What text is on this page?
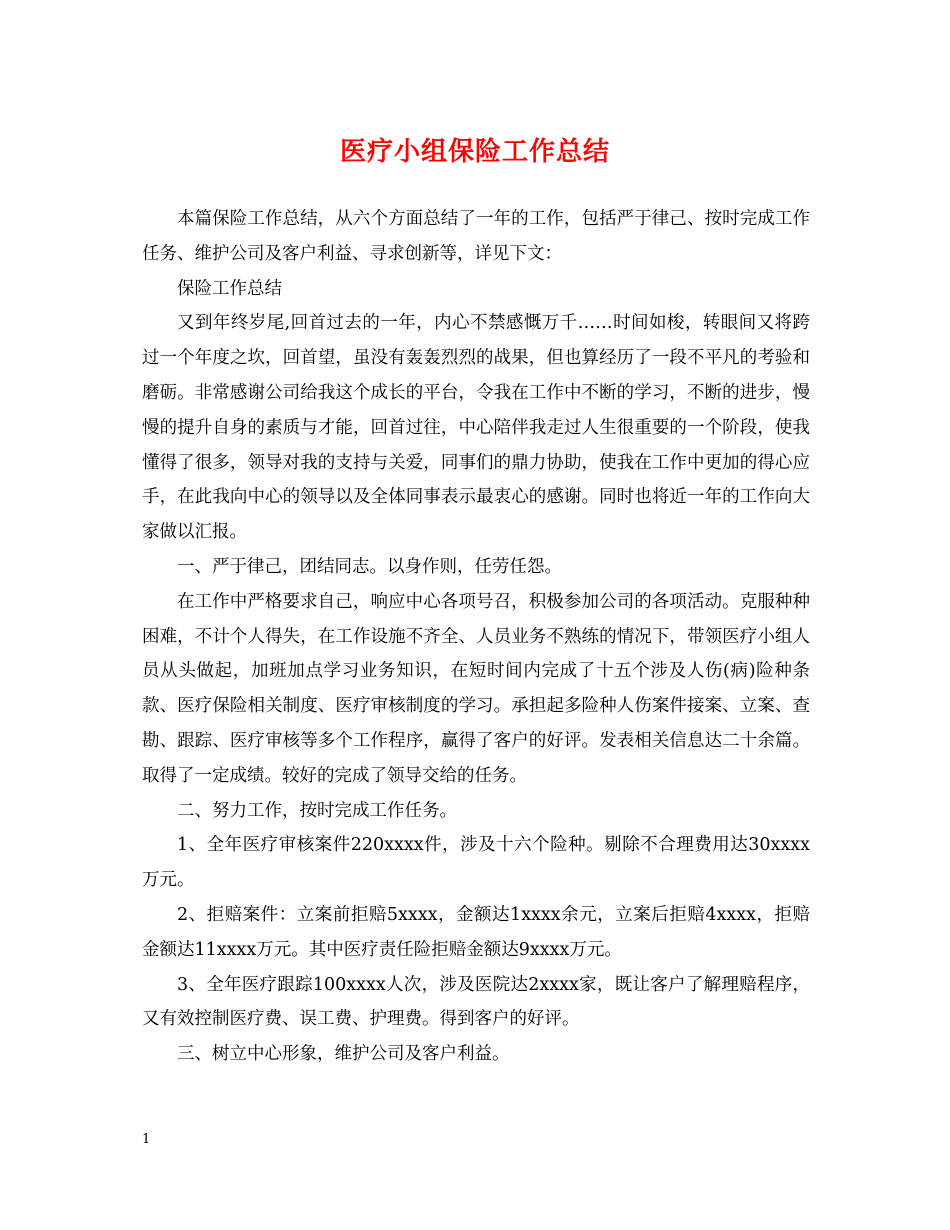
医疗小组保险工作总结

本篇保险工作总结，从六个方面总结了一年的工作，包括严于律己、按时完成工作任务、维护公司及客户利益、寻求创新等，详见下文：

保险工作总结

又到年终岁尾,回首过去的一年，内心不禁感慨万千……时间如梭，转眼间又将跨过一个年度之坎，回首望，虽没有轰轰烈烈的战果，但也算经历了一段不平凡的考验和磨砺。非常感谢公司给我这个成长的平台，令我在工作中不断的学习，不断的进步，慢慢的提升自身的素质与才能，回首过往，中心陪伴我走过人生很重要的一个阶段，使我懂得了很多，领导对我的支持与关爱，同事们的鼎力协助，使我在工作中更加的得心应手，在此我向中心的领导以及全体同事表示最衷心的感谢。同时也将近一年的工作向大家做以汇报。

一、严于律己，团结同志。以身作则，任劳任怨。

在工作中严格要求自己，响应中心各项号召，积极参加公司的各项活动。克服种种困难，不计个人得失，在工作设施不齐全、人员业务不熟练的情况下，带领医疗小组人员从头做起，加班加点学习业务知识，在短时间内完成了十五个涉及人伤(病)险种条款、医疗保险相关制度、医疗审核制度的学习。承担起多险种人伤案件接案、立案、查勘、跟踪、医疗审核等多个工作程序，赢得了客户的好评。发表相关信息达二十余篇。取得了一定成绩。较好的完成了领导交给的任务。

二、努力工作，按时完成工作任务。

1、全年医疗审核案件220xxxx件，涉及十六个险种。剔除不合理费用达30xxxx万元。

2、拒赔案件：立案前拒赔5xxxx，金额达1xxxx余元，立案后拒赔4xxxx，拒赔金额达11xxxx万元。其中医疗责任险拒赔金额达9xxxx万元。

3、全年医疗跟踪100xxxx人次，涉及医院达2xxxx家，既让客户了解理赔程序，又有效控制医疗费、误工费、护理费。得到客户的好评。

三、树立中心形象，维护公司及客户利益。

1
